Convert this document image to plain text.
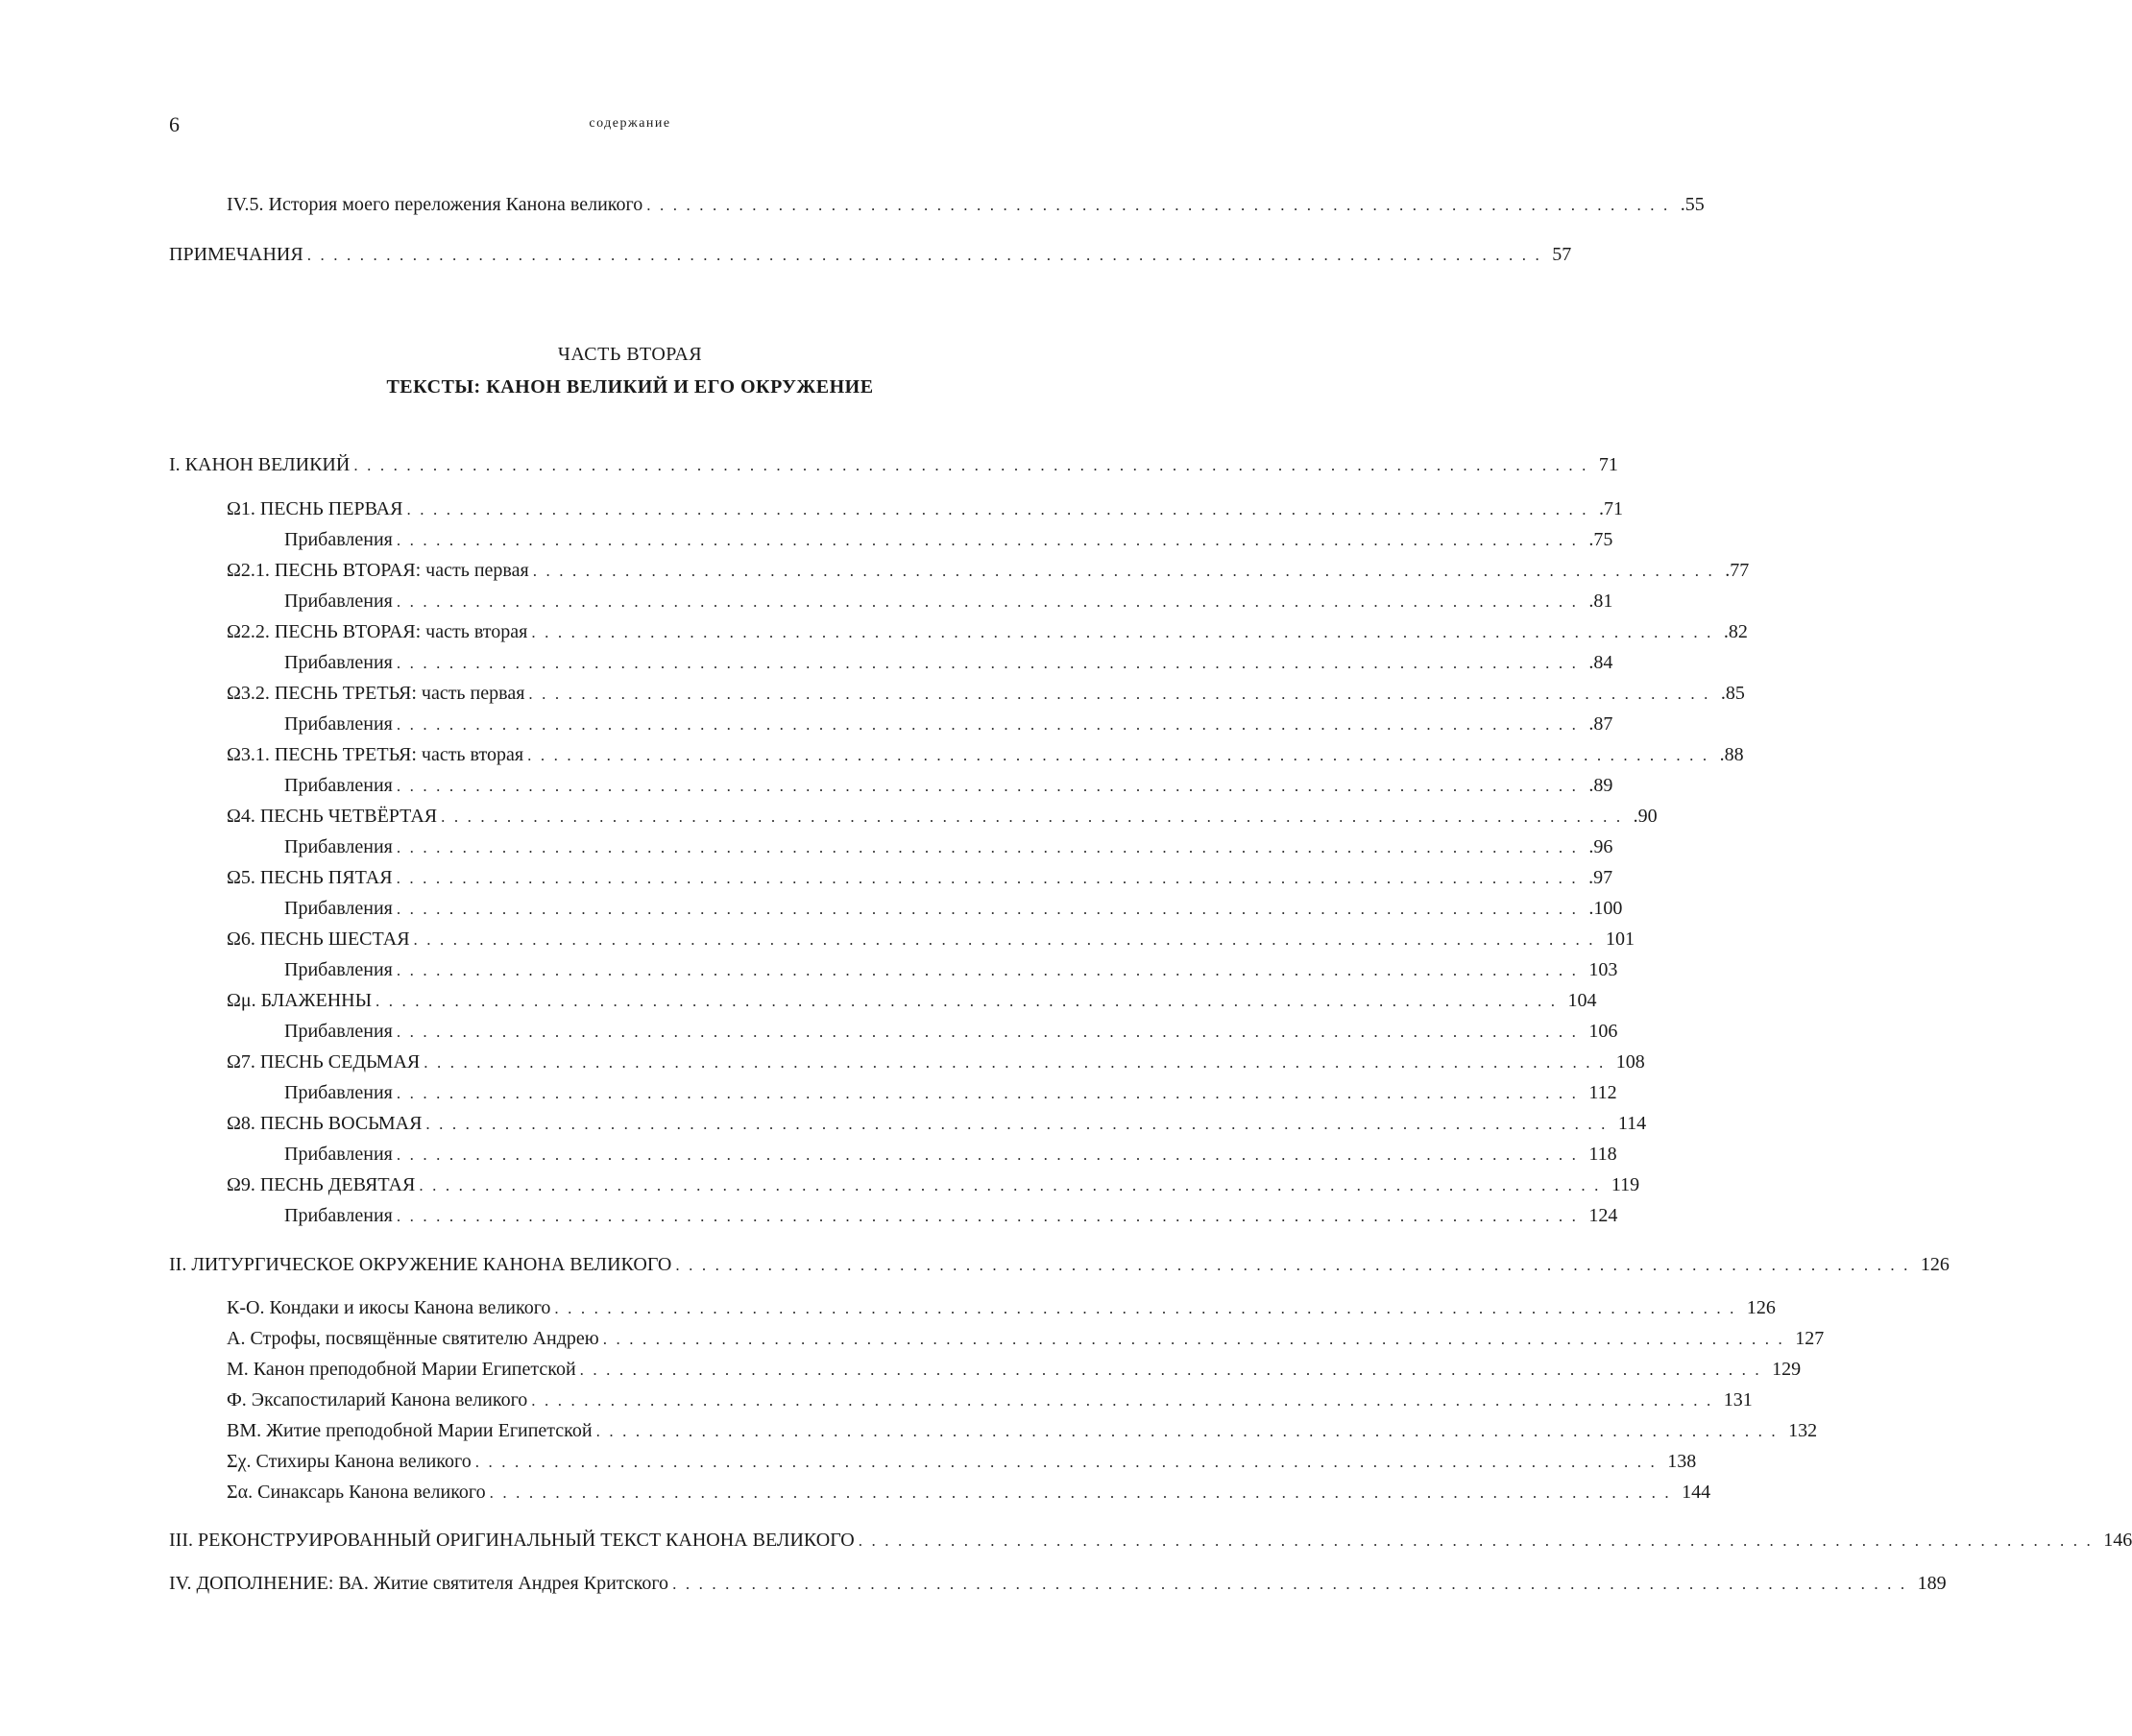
6	содержание
IV.5. История моего переложения Канона великого .............................................................................. .55
ПРИМЕЧАНИЯ .............................................................................................. 57
ЧАСТЬ ВТОРАЯ
ТЕКСТЫ: КАНОН ВЕЛИКИЙ И ЕГО ОКРУЖЕНИЕ
I. КАНОН ВЕЛИКИЙ .............................................................................................. 71
Ω1. ПЕСНЬ ПЕРВАЯ .......................................................................................... .71
Прибавления .......................................................................................... .75
Ω2.1. ПЕСНЬ ВТОРАЯ: часть первая .......................................................................................... .77
Прибавления .......................................................................................... .81
Ω2.2. ПЕСНЬ ВТОРАЯ: часть вторая .......................................................................................... .82
Прибавления .......................................................................................... .84
Ω3.2. ПЕСНЬ ТРЕТЬЯ: часть первая .......................................................................................... .85
Прибавления .......................................................................................... .87
Ω3.1. ПЕСНЬ ТРЕТЬЯ: часть вторая .......................................................................................... .88
Прибавления .......................................................................................... .89
Ω4. ПЕСНЬ ЧЕТВЁРТАЯ .......................................................................................... .90
Прибавления .......................................................................................... .96
Ω5. ПЕСНЬ ПЯТАЯ .......................................................................................... .97
Прибавления .......................................................................................... .100
Ω6. ПЕСНЬ ШЕСТАЯ .......................................................................................... 101
Прибавления .......................................................................................... 103
Ωμ. БЛАЖЕННЫ .......................................................................................... 104
Прибавления .......................................................................................... 106
Ω7. ПЕСНЬ СЕДЬМАЯ .......................................................................................... 108
Прибавления .......................................................................................... 112
Ω8. ПЕСНЬ ВОСЬМАЯ .......................................................................................... 114
Прибавления .......................................................................................... 118
Ω9. ПЕСНЬ ДЕВЯТАЯ .......................................................................................... 119
Прибавления .......................................................................................... 124
II. ЛИТУРГИЧЕСКОЕ ОКРУЖЕНИЕ КАНОНА ВЕЛИКОГО .............................................................................................. 126
К-О. Кондаки и икосы Канона великого .......................................................................................... 126
А. Строфы, посвящённые святителю Андрею .......................................................................................... 127
М. Канон преподобной Марии Египетской .......................................................................................... 129
Ф. Эксапостиларий Канона великого .......................................................................................... 131
ВМ. Житие преподобной Марии Египетской .......................................................................................... 132
Σχ. Стихиры Канона великого .......................................................................................... 138
Σα. Синаксарь Канона великого .......................................................................................... 144
III. РЕКОНСТРУИРОВАННЫЙ ОРИГИНАЛЬНЫЙ ТЕКСТ КАНОНА ВЕЛИКОГО .............................................................................................. 146
IV. ДОПОЛНЕНИЕ: ВА. Житие святителя Андрея Критского .............................................................................................. 189
